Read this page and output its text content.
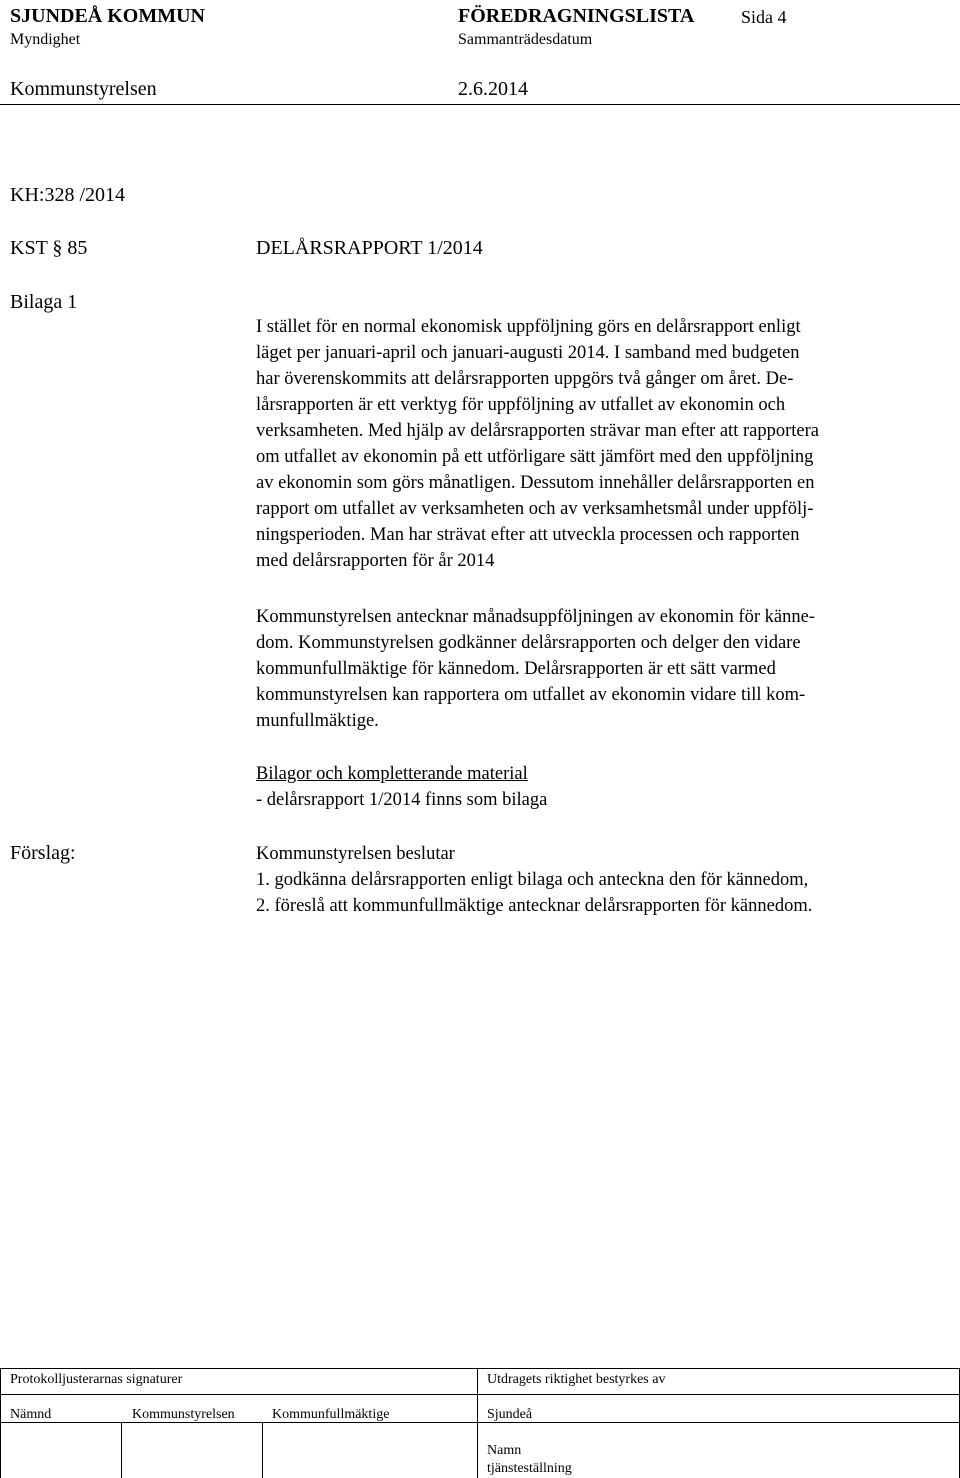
SJUNDEÅ KOMMUN
Myndighet
FÖREDRAGNINGSLISTA	Sida 4
Sammanträdesdatum
Kommunstyrelsen	2.6.2014
KH:328 /2014
KST § 85	DELÅRSRAPPORT 1/2014
Bilaga 1

I stället för en normal ekonomisk uppföljning görs en delårsrapport enligt

läget per januari-april och januari-augusti 2014. I samband med budgeten

har överenskommits att delårsrapporten uppgörs två gånger om året. De-

lårsrapporten är ett verktyg för uppföljning av utfallet av ekonomin och

verksamheten. Med hjälp av delårsrapporten strävar man efter att rapportera

om utfallet av ekonomin på ett utförligare sätt jämfört med den uppföljning

av ekonomin som görs månatligen. Dessutom innehåller delårsrapporten en

rapport om utfallet av verksamheten och av verksamhetsmål under uppfölj-

ningsperioden. Man har strävat efter att utveckla processen och rapporten

med delårsrapporten för år 2014

Kommunstyrelsen antecknar månadsuppföljningen av ekonomin för känne-

dom. Kommunstyrelsen godkänner delårsrapporten och delger den vidare

kommunfullmäktige för kännedom. Delårsrapporten är ett sätt varmed

kommunstyrelsen kan rapportera om utfallet av ekonomin vidare till kom-

munfullmäktige.

Bilagor och kompletterande material

- delårsrapport 1/2014 finns som bilaga

Förslag:	Kommunstyrelsen beslutar

1. godkänna delårsrapporten enligt bilaga och anteckna den för kännedom,

2. föreslå att kommunfullmäktige antecknar delårsrapporten för kännedom.

Protokolljusterarnas signaturer	Utdragets riktighet bestyrkes av
Nämnd	Kommunstyrelsen	Kommunfullmäktige	Sjundeå
Namn
tjänsteställning
